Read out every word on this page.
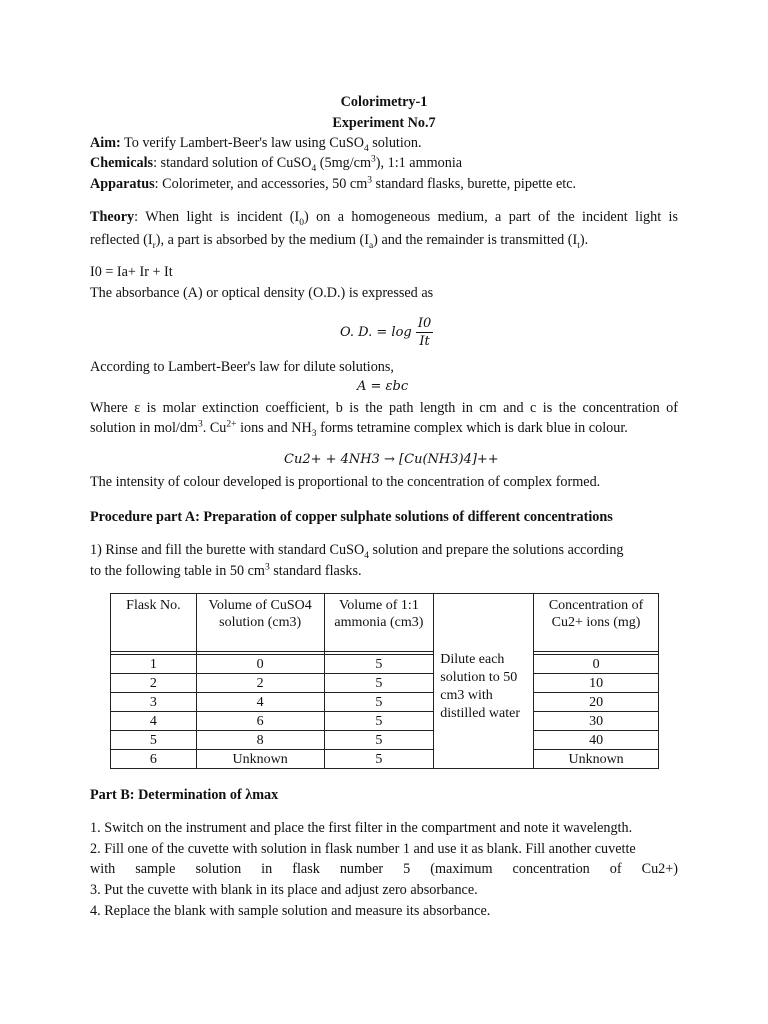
Colorimetry-1
Experiment No.7
Aim: To verify Lambert-Beer's law using CuSO$_4$ solution.
Chemicals: standard solution of CuSO$_4$ $(5mg/cm^3)$, 1:1 ammonia
Apparatus: Colorimeter, and accessories, 50 $cm^3$ standard flasks, burette, pipette etc.
Theory: When light is incident $(I_0)$ on a homogeneous medium, a part of the incident light is
reflected $(I_r)$, a part is absorbed by the medium $(I_a)$ and the remainder is transmitted $(I_t)$.
I0 = Ia+ Ir + It
The absorbance (A) or optical density (O.D.) is expressed as
O. D. = $\log \frac{I0}{It}$
According to Lambert-Beer's law for dilute solutions,
A = εbc
Where ε is molar extinction coefficient, b is the path length in cm and c is the concentration of
solution in mol/$dm^3$. $Cu^{2+}$ ions and $NH_3$ forms tetramine complex which is dark blue in colour.
Cu2+ + 4NH3 → [Cu(NH3)4]++
The intensity of colour developed is proportional to the concentration of complex formed.
Procedure part A: Preparation of copper sulphate solutions of different concentrations
1) Rinse and fill the burette with standard CuSO$_4$ solution and prepare the solutions according
to the following table in 50 $cm^3$ standard flasks.
Part B: Determination of λmax
1. Switch on the instrument and place the first filter in the compartment and note it wavelength.
2. Fill one of the cuvette with solution in flask number 1 and use it as blank. Fill another cuvette
with sample solution in flask number 5 (maximum concentration of Cu2+)
3. Put the cuvette with blank in its place and adjust zero absorbance.
4. Replace the blank with sample solution and measure its absorbance.
Flask No.	Volume of CuSO4 solution (cm3)	Volume of 1:1 ammonia (cm3)	Dilute each solution to 50 cm3 with distilled water	Concentration of Cu2+ ions (mg)

1	0	5		0
2	2	5		10
3	4	5		20
4	6	5		30
5	8	5		40
6	Unknown	5		Unknown
